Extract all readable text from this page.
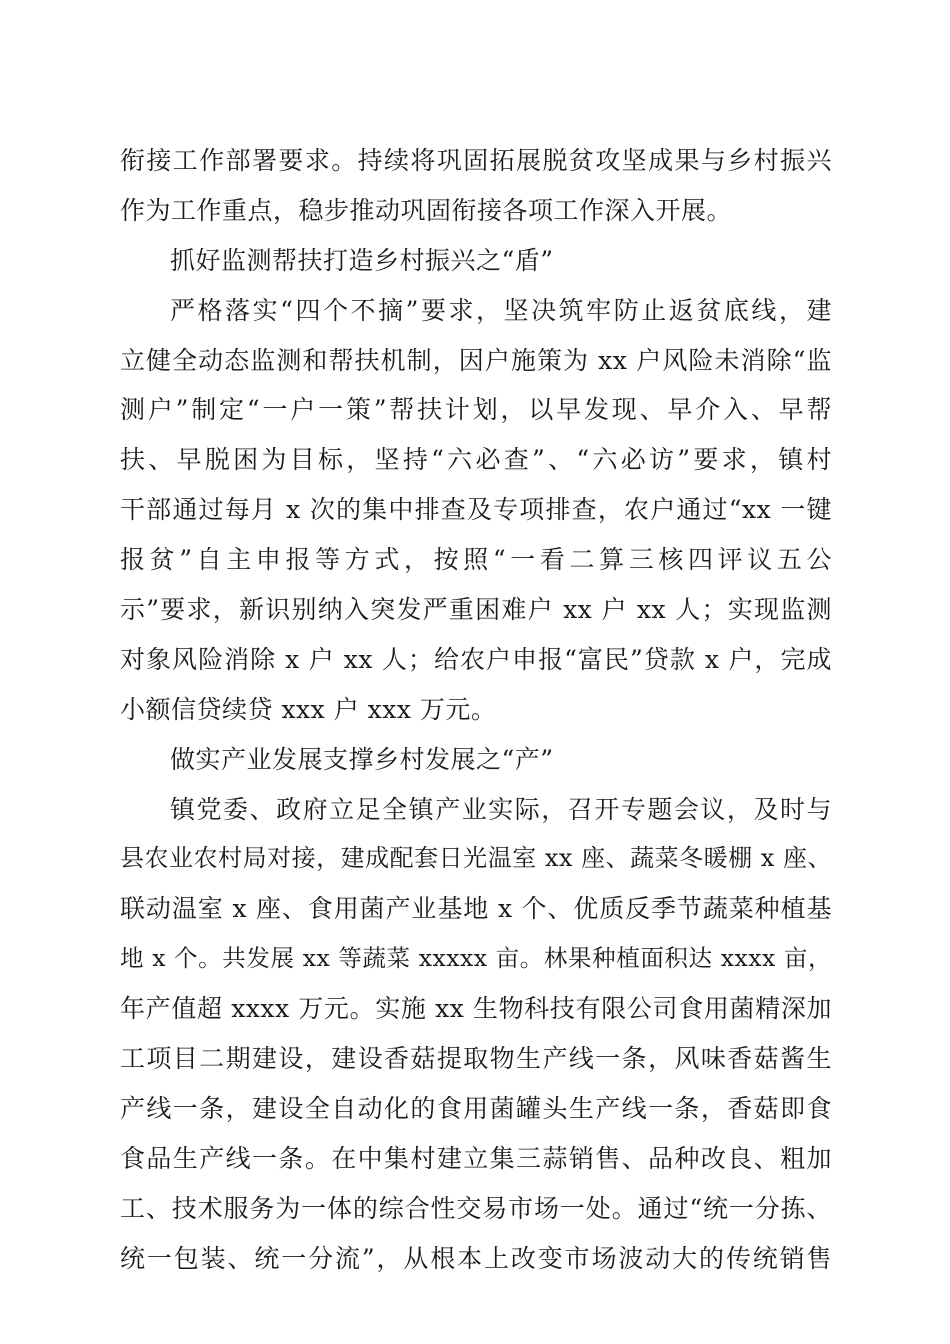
衔接工作部署要求。持续将巩固拓展脱贫攻坚成果与乡村振兴
作为工作重点，稳步推动巩固衔接各项工作深入开展。
抓好监测帮扶打造乡村振兴之“盾”
严格落实“四个不摘”要求，坚决筑牢防止返贫底线，建
立健全动态监测和帮扶机制，因户施策为 xx 户风险未消除“监
测户”制定“一户一策”帮扶计划，以早发现、早介入、早帮
扶、早脱困为目标，坚持“六必查”、“六必访”要求，镇村
干部通过每月 x 次的集中排查及专项排查，农户通过“xx 一键
报贫”自主申报等方式，按照“一看二算三核四评议五公
示”要求，新识别纳入突发严重困难户 xx 户 xx 人；实现监测
对象风险消除 x 户 xx 人；给农户申报“富民”贷款 x 户，完成
小额信贷续贷 xxx 户 xxx 万元。
做实产业发展支撑乡村发展之“产”
镇党委、政府立足全镇产业实际，召开专题会议，及时与
县农业农村局对接，建成配套日光温室 xx 座、蔬菜冬暖棚 x 座、
联动温室 x 座、食用菌产业基地 x 个、优质反季节蔬菜种植基
地 x 个。共发展 xx 等蔬菜 xxxxx 亩。林果种植面积达 xxxx 亩，
年产值超 xxxx 万元。实施 xx 生物科技有限公司食用菌精深加
工项目二期建设，建设香菇提取物生产线一条，风味香菇酱生
产线一条，建设全自动化的食用菌罐头生产线一条，香菇即食
食品生产线一条。在中集村建立集三蒜销售、品种改良、粗加
工、技术服务为一体的综合性交易市场一处。通过“统一分拣、
统一包装、统一分流”，从根本上改变市场波动大的传统销售
